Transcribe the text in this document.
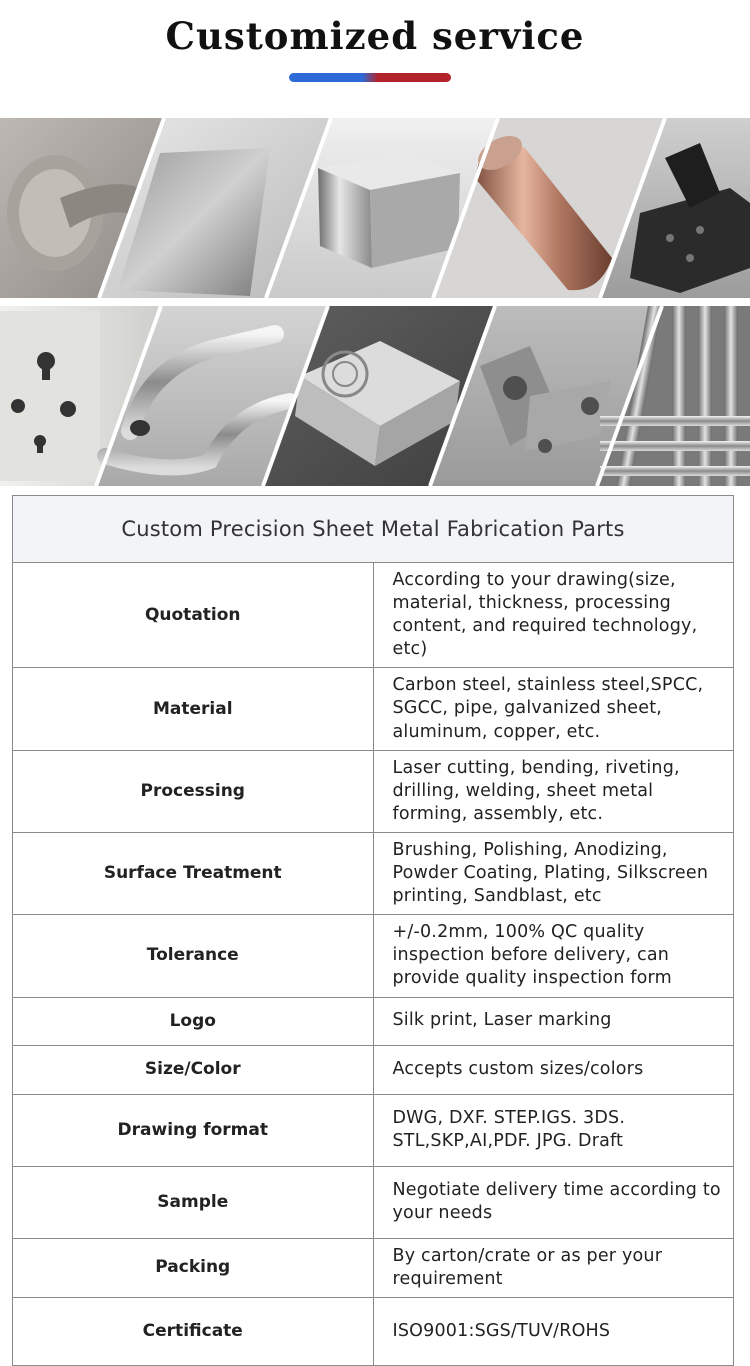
Customized service
Custom Precision Sheet Metal Fabrication Parts	
Quotation	According to your drawing(size, material, thickness, processing content, and required technology, etc)
Material	Carbon steel, stainless steel,SPCC, SGCC, pipe, galvanized sheet, aluminum, copper, etc.
Processing	Laser cutting, bending, riveting, drilling, welding, sheet metal forming, assembly, etc.
Surface Treatment	Brushing, Polishing, Anodizing, Powder Coating, Plating, Silkscreen printing, Sandblast, etc
Tolerance	+/-0.2mm, 100% QC quality inspection before delivery, can provide quality inspection form
Logo	Silk print, Laser marking
Size/Color	Accepts custom sizes/colors
Drawing format	DWG, DXF. STEP.IGS. 3DS. STL,SKP,AI,PDF. JPG. Draft
Sample	Negotiate delivery time according to your needs
Packing	By carton/crate or as per your requirement
Certificate	ISO9001:SGS/TUV/ROHS
